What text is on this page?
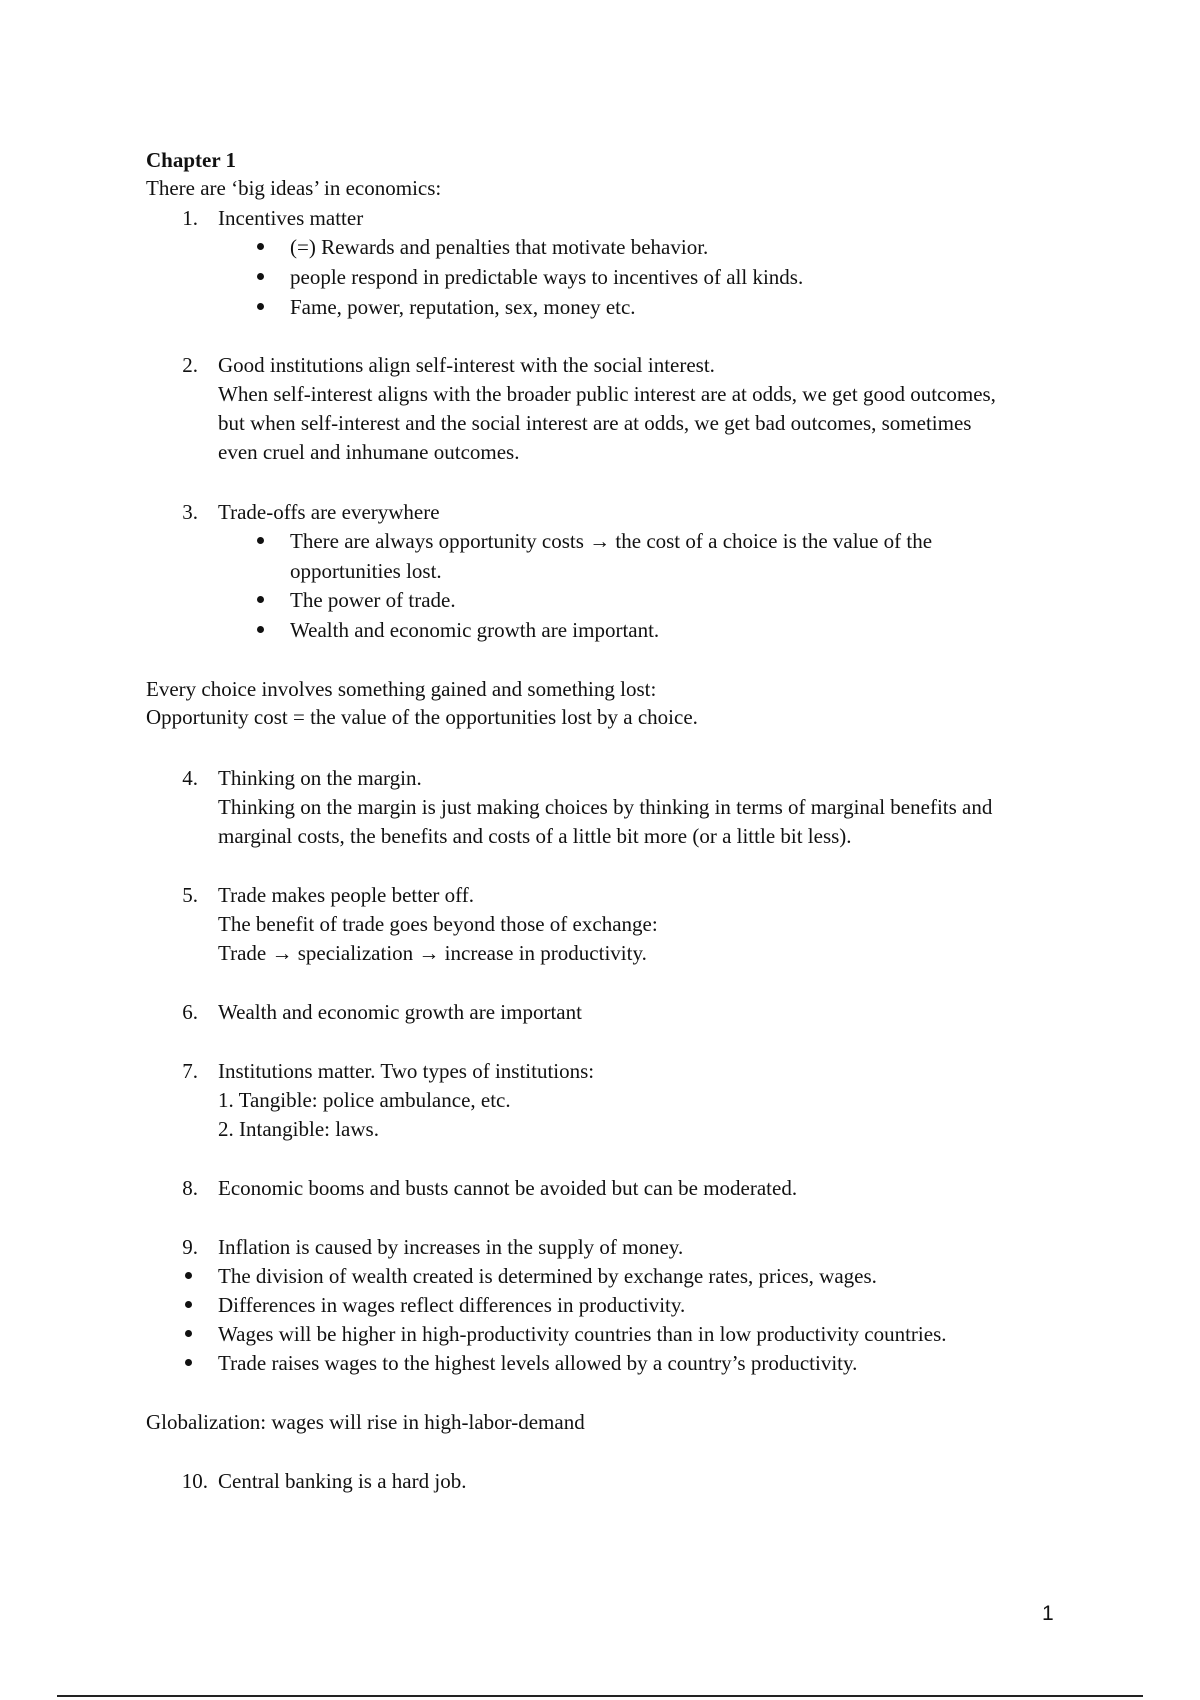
Chapter 1

There are ‘big ideas’ in economics:

1. Incentives matter

(=) Rewards and penalties that motivate behavior.

people respond in predictable ways to incentives of all kinds.

Fame, power, reputation, sex, money etc.

2. Good institutions align self-interest with the social interest.

When self-interest aligns with the broader public interest are at odds, we get good outcomes,

but when self-interest and the social interest are at odds, we get bad outcomes, sometimes

even cruel and inhumane outcomes.

3. Trade-offs are everywhere

There are always opportunity costs → the cost of a choice is the value of the

opportunities lost.

The power of trade.

Wealth and economic growth are important.

Every choice involves something gained and something lost:

Opportunity cost = the value of the opportunities lost by a choice.

4. Thinking on the margin.

Thinking on the margin is just making choices by thinking in terms of marginal benefits and

marginal costs, the benefits and costs of a little bit more (or a little bit less).

5. Trade makes people better off.

The benefit of trade goes beyond those of exchange:

Trade → specialization → increase in productivity.

6. Wealth and economic growth are important

7. Institutions matter. Two types of institutions:

1. Tangible: police ambulance, etc.

2. Intangible: laws.

8. Economic booms and busts cannot be avoided but can be moderated.

9. Inflation is caused by increases in the supply of money.

The division of wealth created is determined by exchange rates, prices, wages.

Differences in wages reflect differences in productivity.

Wages will be higher in high-productivity countries than in low productivity countries.

Trade raises wages to the highest levels allowed by a country’s productivity.

Globalization: wages will rise in high-labor-demand

10. Central banking is a hard job.

1
